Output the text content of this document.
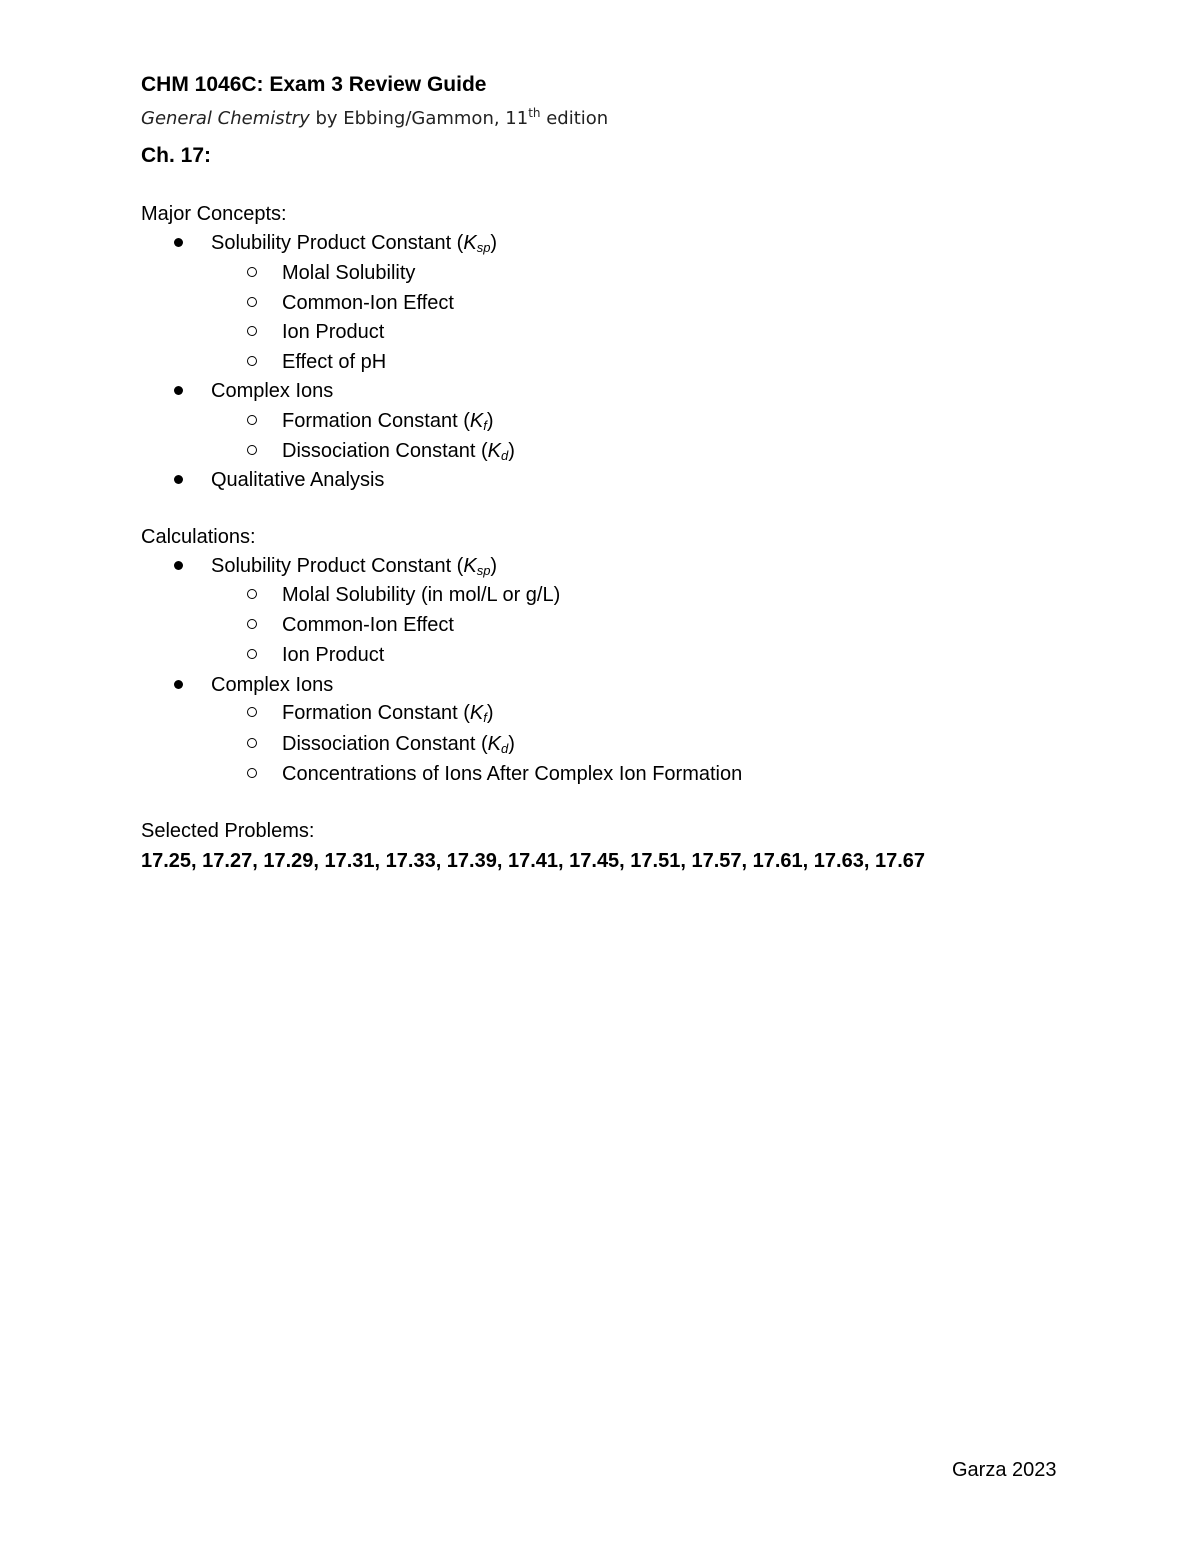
CHM 1046C: Exam 3 Review Guide
General Chemistry by Ebbing/Gammon, 11th edition
Ch. 17:
Major Concepts:
Solubility Product Constant $(K_{sp})$
Molal Solubility
Common-Ion Effect
Ion Product
Effect of pH
Complex Ions
Formation Constant $(K_f)$
Dissociation Constant $(K_d)$
Qualitative Analysis
Calculations:
Solubility Product Constant $(K_{sp})$
Molal Solubility (in mol/L or g/L)
Common-Ion Effect
Ion Product
Complex Ions
Formation Constant $(K_f)$
Dissociation Constant $(K_d)$
Concentrations of Ions After Complex Ion Formation
Selected Problems:
17.25, 17.27, 17.29, 17.31, 17.33, 17.39, 17.41, 17.45, 17.51, 17.57, 17.61, 17.63, 17.67
Garza 2023
